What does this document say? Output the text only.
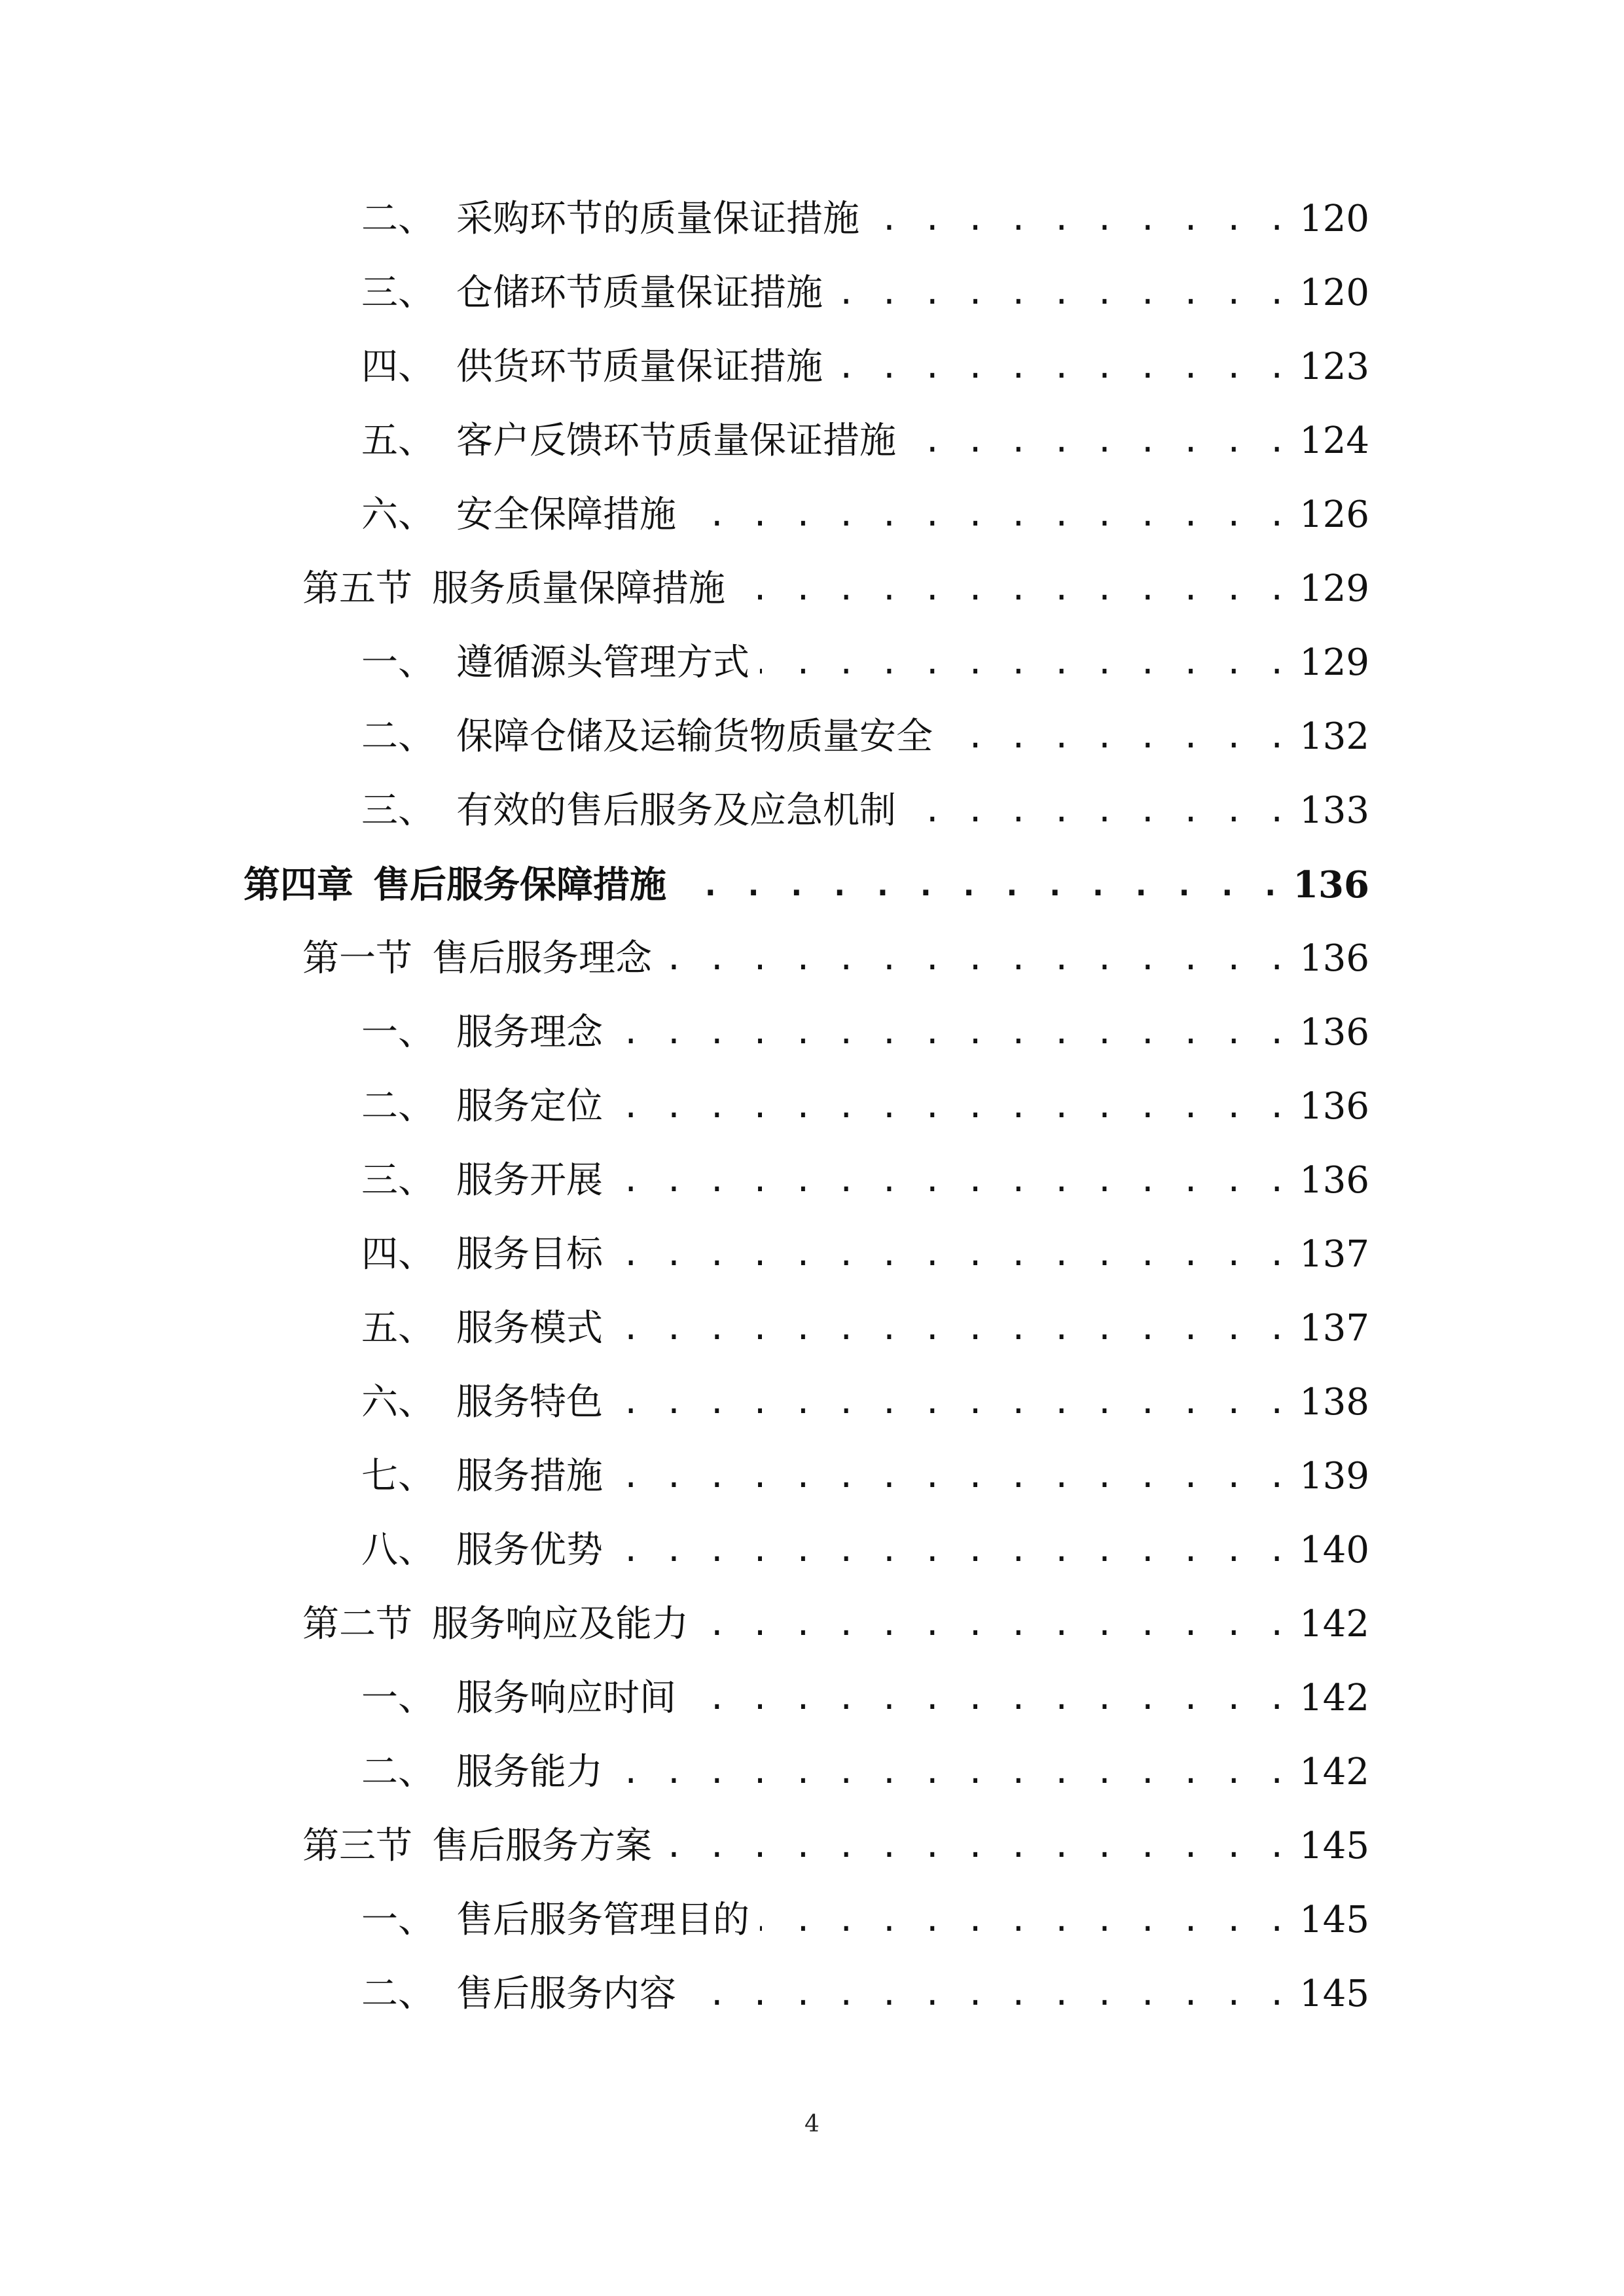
二、 采购环节的质量保证措施 . . .	120
三、 仓储环节质量保证措施 . . .	120
四、 供货环节质量保证措施 . . .	123
五、 客户反馈环节质量保证措施 . . .	124
六、 安全保障措施 . . .	126
第五节 服务质量保障措施 . . .	129
一、 遵循源头管理方式 . . .	129
二、 保障仓储及运输货物质量安全 . . .	132
三、 有效的售后服务及应急机制 . . .	133
第四章 售后服务保障措施 . . .	136
第一节 售后服务理念 . . .	136
一、 服务理念 . . .	136
二、 服务定位 . . .	136
三、 服务开展 . . .	136
四、 服务目标 . . .	137
五、 服务模式 . . .	137
六、 服务特色 . . .	138
七、 服务措施 . . .	139
八、 服务优势 . . .	140
第二节 服务响应及能力 . . .	142
一、 服务响应时间 . . .	142
二、 服务能力 . . .	142
第三节 售后服务方案 . . .	145
一、 售后服务管理目的 . . .	145
二、 售后服务内容 . . .	145
4
